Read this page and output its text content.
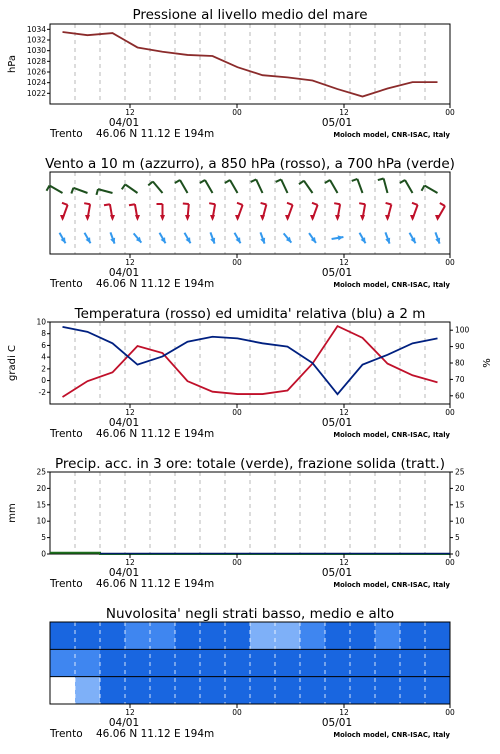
Pressione al livello medio del mare
1022
1024
1026
1028
1030
1032
1034
hPa
12	00	12	00
04/01	05/01
Trento 46.06 N 11.12 E 194m	Moloch model, CNR-ISAC, Italy
Vento a 10 m (azzurro), a 850 hPa (rosso), a 700 hPa (verde)
12	00	12	00
04/01	05/01
Trento 46.06 N 11.12 E 194m	Moloch model, CNR-ISAC, Italy
Temperatura (rosso) ed umidita' relativa (blu) a 2 m
10
8
6
4
2
0
-2
100
90
80
70
60
gradi C	%
12	00	12	00
04/01	05/01
Trento 46.06 N 11.12 E 194m	Moloch model, CNR-ISAC, Italy
Precip. acc. in 3 ore: totale (verde), frazione solida (tratt.)
25	25
20	20
15	15
10	10
5	5
0	0
mm
12	00	12	00
04/01	05/01
Trento 46.06 N 11.12 E 194m	Moloch model, CNR-ISAC, Italy
Nuvolosita' negli strati basso, medio e alto
12	00	12	00
04/01	05/01
Trento 46.06 N 11.12 E 194m	Moloch model, CNR-ISAC, Italy
